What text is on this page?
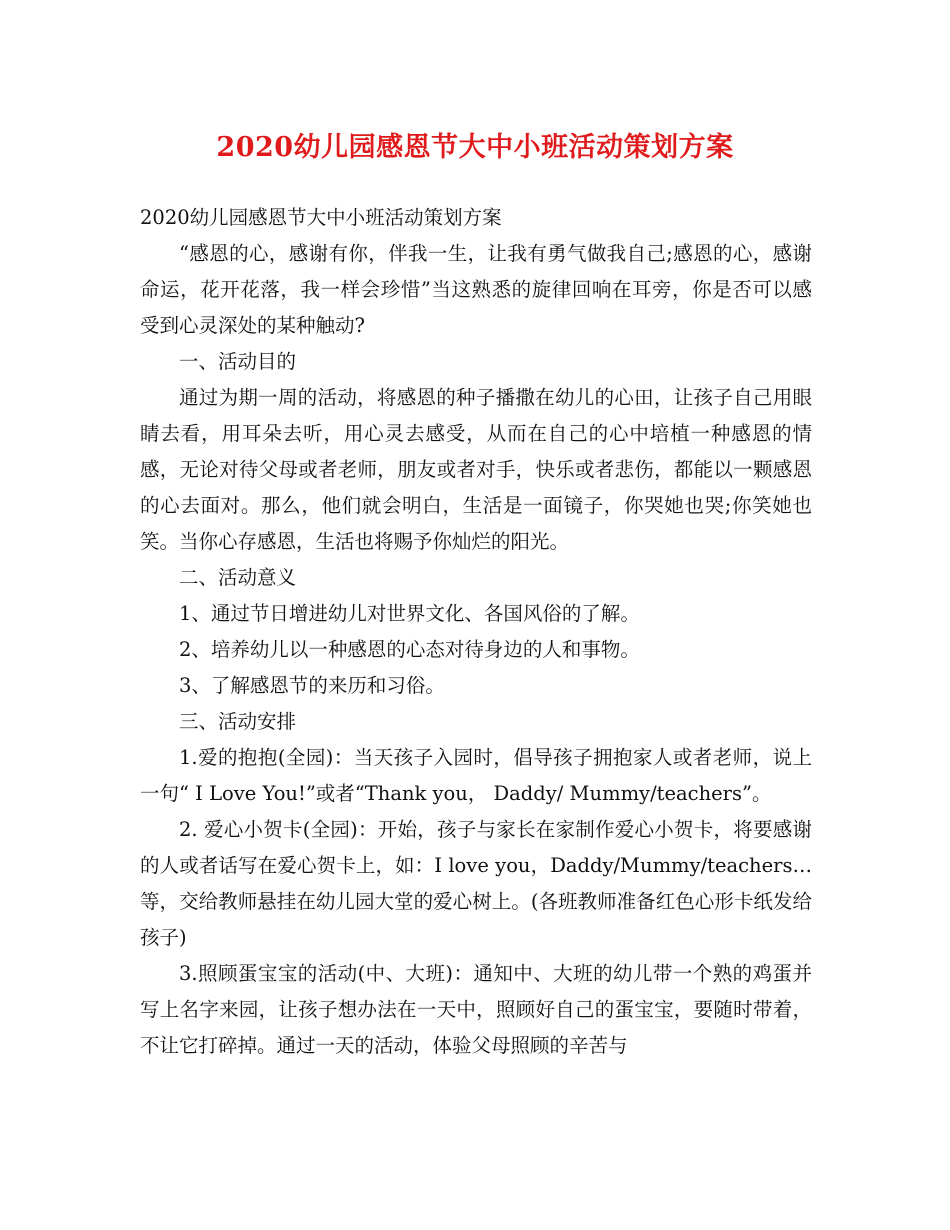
2020幼儿园感恩节大中小班活动策划方案

2020幼儿园感恩节大中小班活动策划方案

“感恩的心，感谢有你，伴我一生，让我有勇气做我自己;感恩的心，感谢命运，花开花落，我一样会珍惜”当这熟悉的旋律回响在耳旁，你是否可以感受到心灵深处的某种触动?

一、活动目的

通过为期一周的活动，将感恩的种子播撒在幼儿的心田，让孩子自己用眼睛去看，用耳朵去听，用心灵去感受，从而在自己的心中培植一种感恩的情感，无论对待父母或者老师，朋友或者对手，快乐或者悲伤，都能以一颗感恩的心去面对。那么，他们就会明白，生活是一面镜子，你哭她也哭;你笑她也笑。当你心存感恩，生活也将赐予你灿烂的阳光。

二、活动意义

1、通过节日增进幼儿对世界文化、各国风俗的了解。

2、培养幼儿以一种感恩的心态对待身边的人和事物。

3、了解感恩节的来历和习俗。

三、活动安排

1.爱的抱抱(全园)：当天孩子入园时，倡导孩子拥抱家人或者老师，说上一句“ I Love You!”或者“Thank you， Daddy/ Mummy/teachers”。

2. 爱心小贺卡(全园)：开始，孩子与家长在家制作爱心小贺卡，将要感谢的人或者话写在爱心贺卡上，如：I love you，Daddy/Mummy/teachers…等，交给教师悬挂在幼儿园大堂的爱心树上。(各班教师准备红色心形卡纸发给孩子)

3.照顾蛋宝宝的活动(中、大班)：通知中、大班的幼儿带一个熟的鸡蛋并写上名字来园，让孩子想办法在一天中，照顾好自己的蛋宝宝，要随时带着，不让它打碎掉。通过一天的活动，体验父母照顾的辛苦与
